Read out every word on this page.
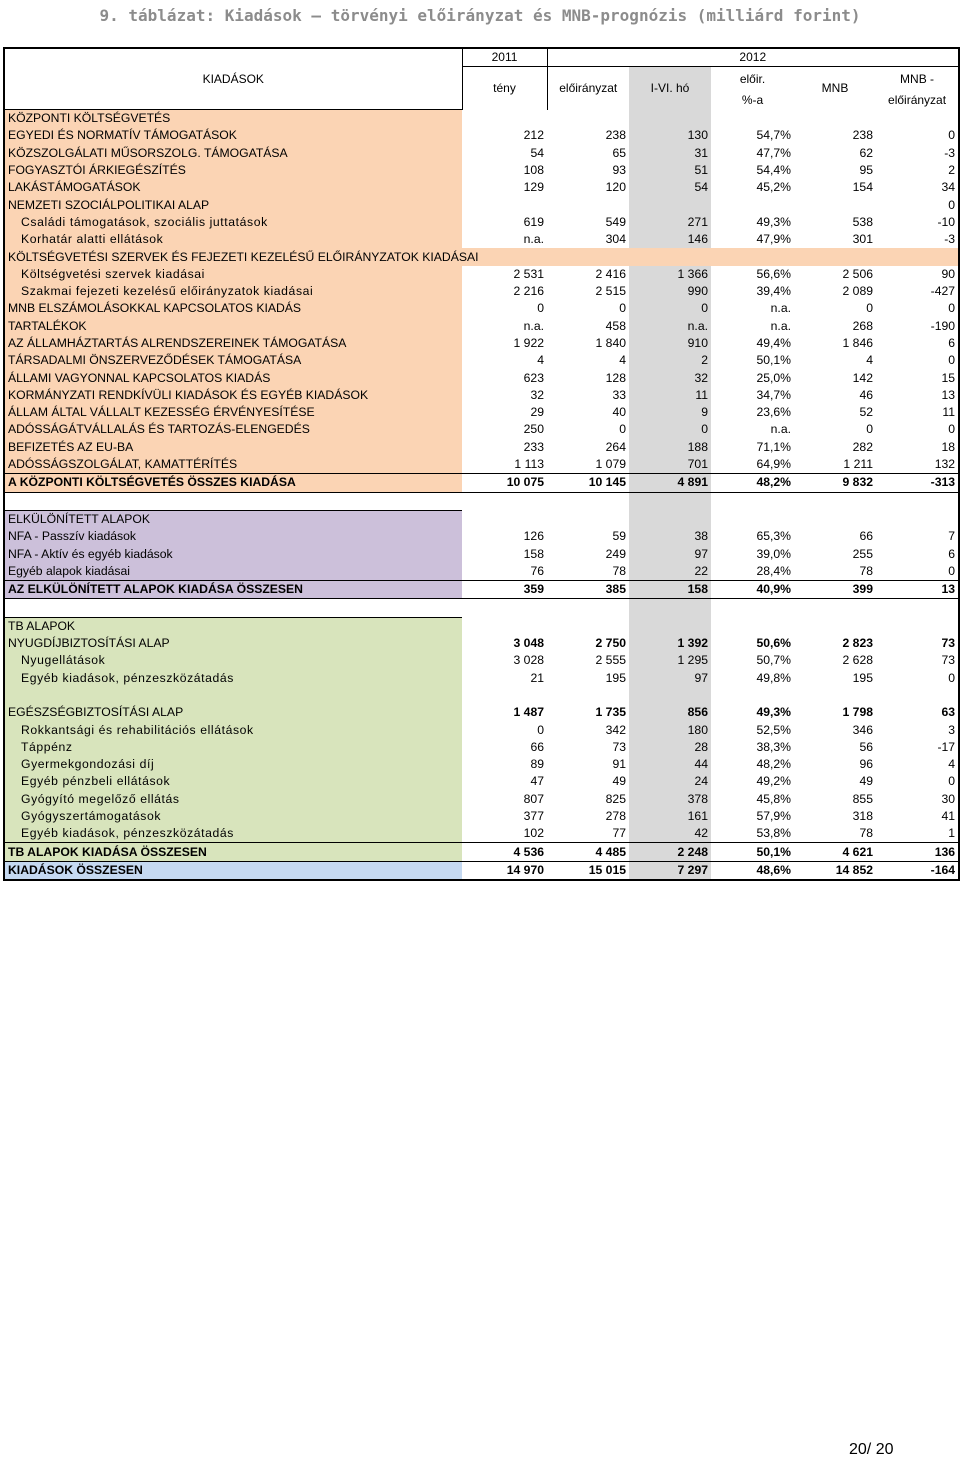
9. táblázat: Kiadások — törvényi előirányzat és MNB-prognózis (milliárd forint)
KIADÁSOK	2011	2012				
	tény	előirányzat	I-VI. hó	előir.	MNB	MNB -
				%-a		előirányzat
KÖZPONTI KÖLTSÉGVETÉS						
EGYEDI ÉS NORMATÍV TÁMOGATÁSOK	212	238	130	54,7%	238	0
KÖZSZOLGÁLATI MŰSORSZOLG. TÁMOGATÁSA	54	65	31	47,7%	62	-3
FOGYASZTÓI ÁRKIEGÉSZÍTÉS	108	93	51	54,4%	95	2
LAKÁSTÁMOGATÁSOK	129	120	54	45,2%	154	34
NEMZETI SZOCIÁLPOLITIKAI ALAP						0
Családi támogatások, szociális juttatások	619	549	271	49,3%	538	-10
Korhatár alatti ellátások	n.a.	304	146	47,9%	301	-3
KÖLTSÉGVETÉSI SZERVEK ÉS FEJEZETI KEZELÉSŰ ELŐIRÁNYZATOK KIADÁSAI						
Költségvetési szervek kiadásai	2 531	2 416	1 366	56,6%	2 506	90
Szakmai fejezeti kezelésű előirányzatok kiadásai	2 216	2 515	990	39,4%	2 089	-427
MNB ELSZÁMOLÁSOKKAL KAPCSOLATOS KIADÁS	0	0	0	n.a.	0	0
TARTALÉKOK	n.a.	458	n.a.	n.a.	268	-190
AZ ÁLLAMHÁZTARTÁS ALRENDSZEREINEK TÁMOGATÁSA	1 922	1 840	910	49,4%	1 846	6
TÁRSADALMI ÖNSZERVEZŐDÉSEK TÁMOGATÁSA	4	4	2	50,1%	4	0
ÁLLAMI VAGYONNAL KAPCSOLATOS KIADÁS	623	128	32	25,0%	142	15
KORMÁNYZATI RENDKÍVÜLI KIADÁSOK ÉS EGYÉB KIADÁSOK	32	33	11	34,7%	46	13
ÁLLAM ÁLTAL VÁLLALT KEZESSÉG ÉRVÉNYESÍTÉSE	29	40	9	23,6%	52	11
ADÓSSÁGÁTVÁLLALÁS ÉS TARTOZÁS-ELENGEDÉS	250	0	0	n.a.	0	0
BEFIZETÉS AZ EU-BA	233	264	188	71,1%	282	18
ADÓSSÁGSZOLGÁLAT, KAMATTÉRÍTÉS	1 113	1 079	701	64,9%	1 211	132
A KÖZPONTI KÖLTSÉGVETÉS ÖSSZES KIADÁSA	10 075	10 145	4 891	48,2%	9 832	-313

ELKÜLÖNÍTETT ALAPOK						
NFA - Passzív kiadások	126	59	38	65,3%	66	7
NFA - Aktív és egyéb kiadások	158	249	97	39,0%	255	6
Egyéb alapok kiadásai	76	78	22	28,4%	78	0
AZ ELKÜLÖNÍTETT ALAPOK KIADÁSA ÖSSZESEN	359	385	158	40,9%	399	13

TB ALAPOK						
NYUGDÍJBIZTOSÍTÁSI ALAP	3 048	2 750	1 392	50,6%	2 823	73
Nyugellátások	3 028	2 555	1 295	50,7%	2 628	73
Egyéb kiadások, pénzeszközátadás	21	195	97	49,8%	195	0

EGÉSZSÉGBIZTOSÍTÁSI ALAP	1 487	1 735	856	49,3%	1 798	63
Rokkantsági és rehabilitációs ellátások	0	342	180	52,5%	346	3
Táppénz	66	73	28	38,3%	56	-17
Gyermekgondozási díj	89	91	44	48,2%	96	4
Egyéb pénzbeli ellátások	47	49	24	49,2%	49	0
Gyógyító megelőző ellátás	807	825	378	45,8%	855	30
Gyógyszertámogatások	377	278	161	57,9%	318	41
Egyéb kiadások, pénzeszközátadás	102	77	42	53,8%	78	1
TB ALAPOK KIADÁSA ÖSSZESEN	4 536	4 485	2 248	50,1%	4 621	136
KIADÁSOK ÖSSZESEN	14 970	15 015	7 297	48,6%	14 852	-164
20/ 20
